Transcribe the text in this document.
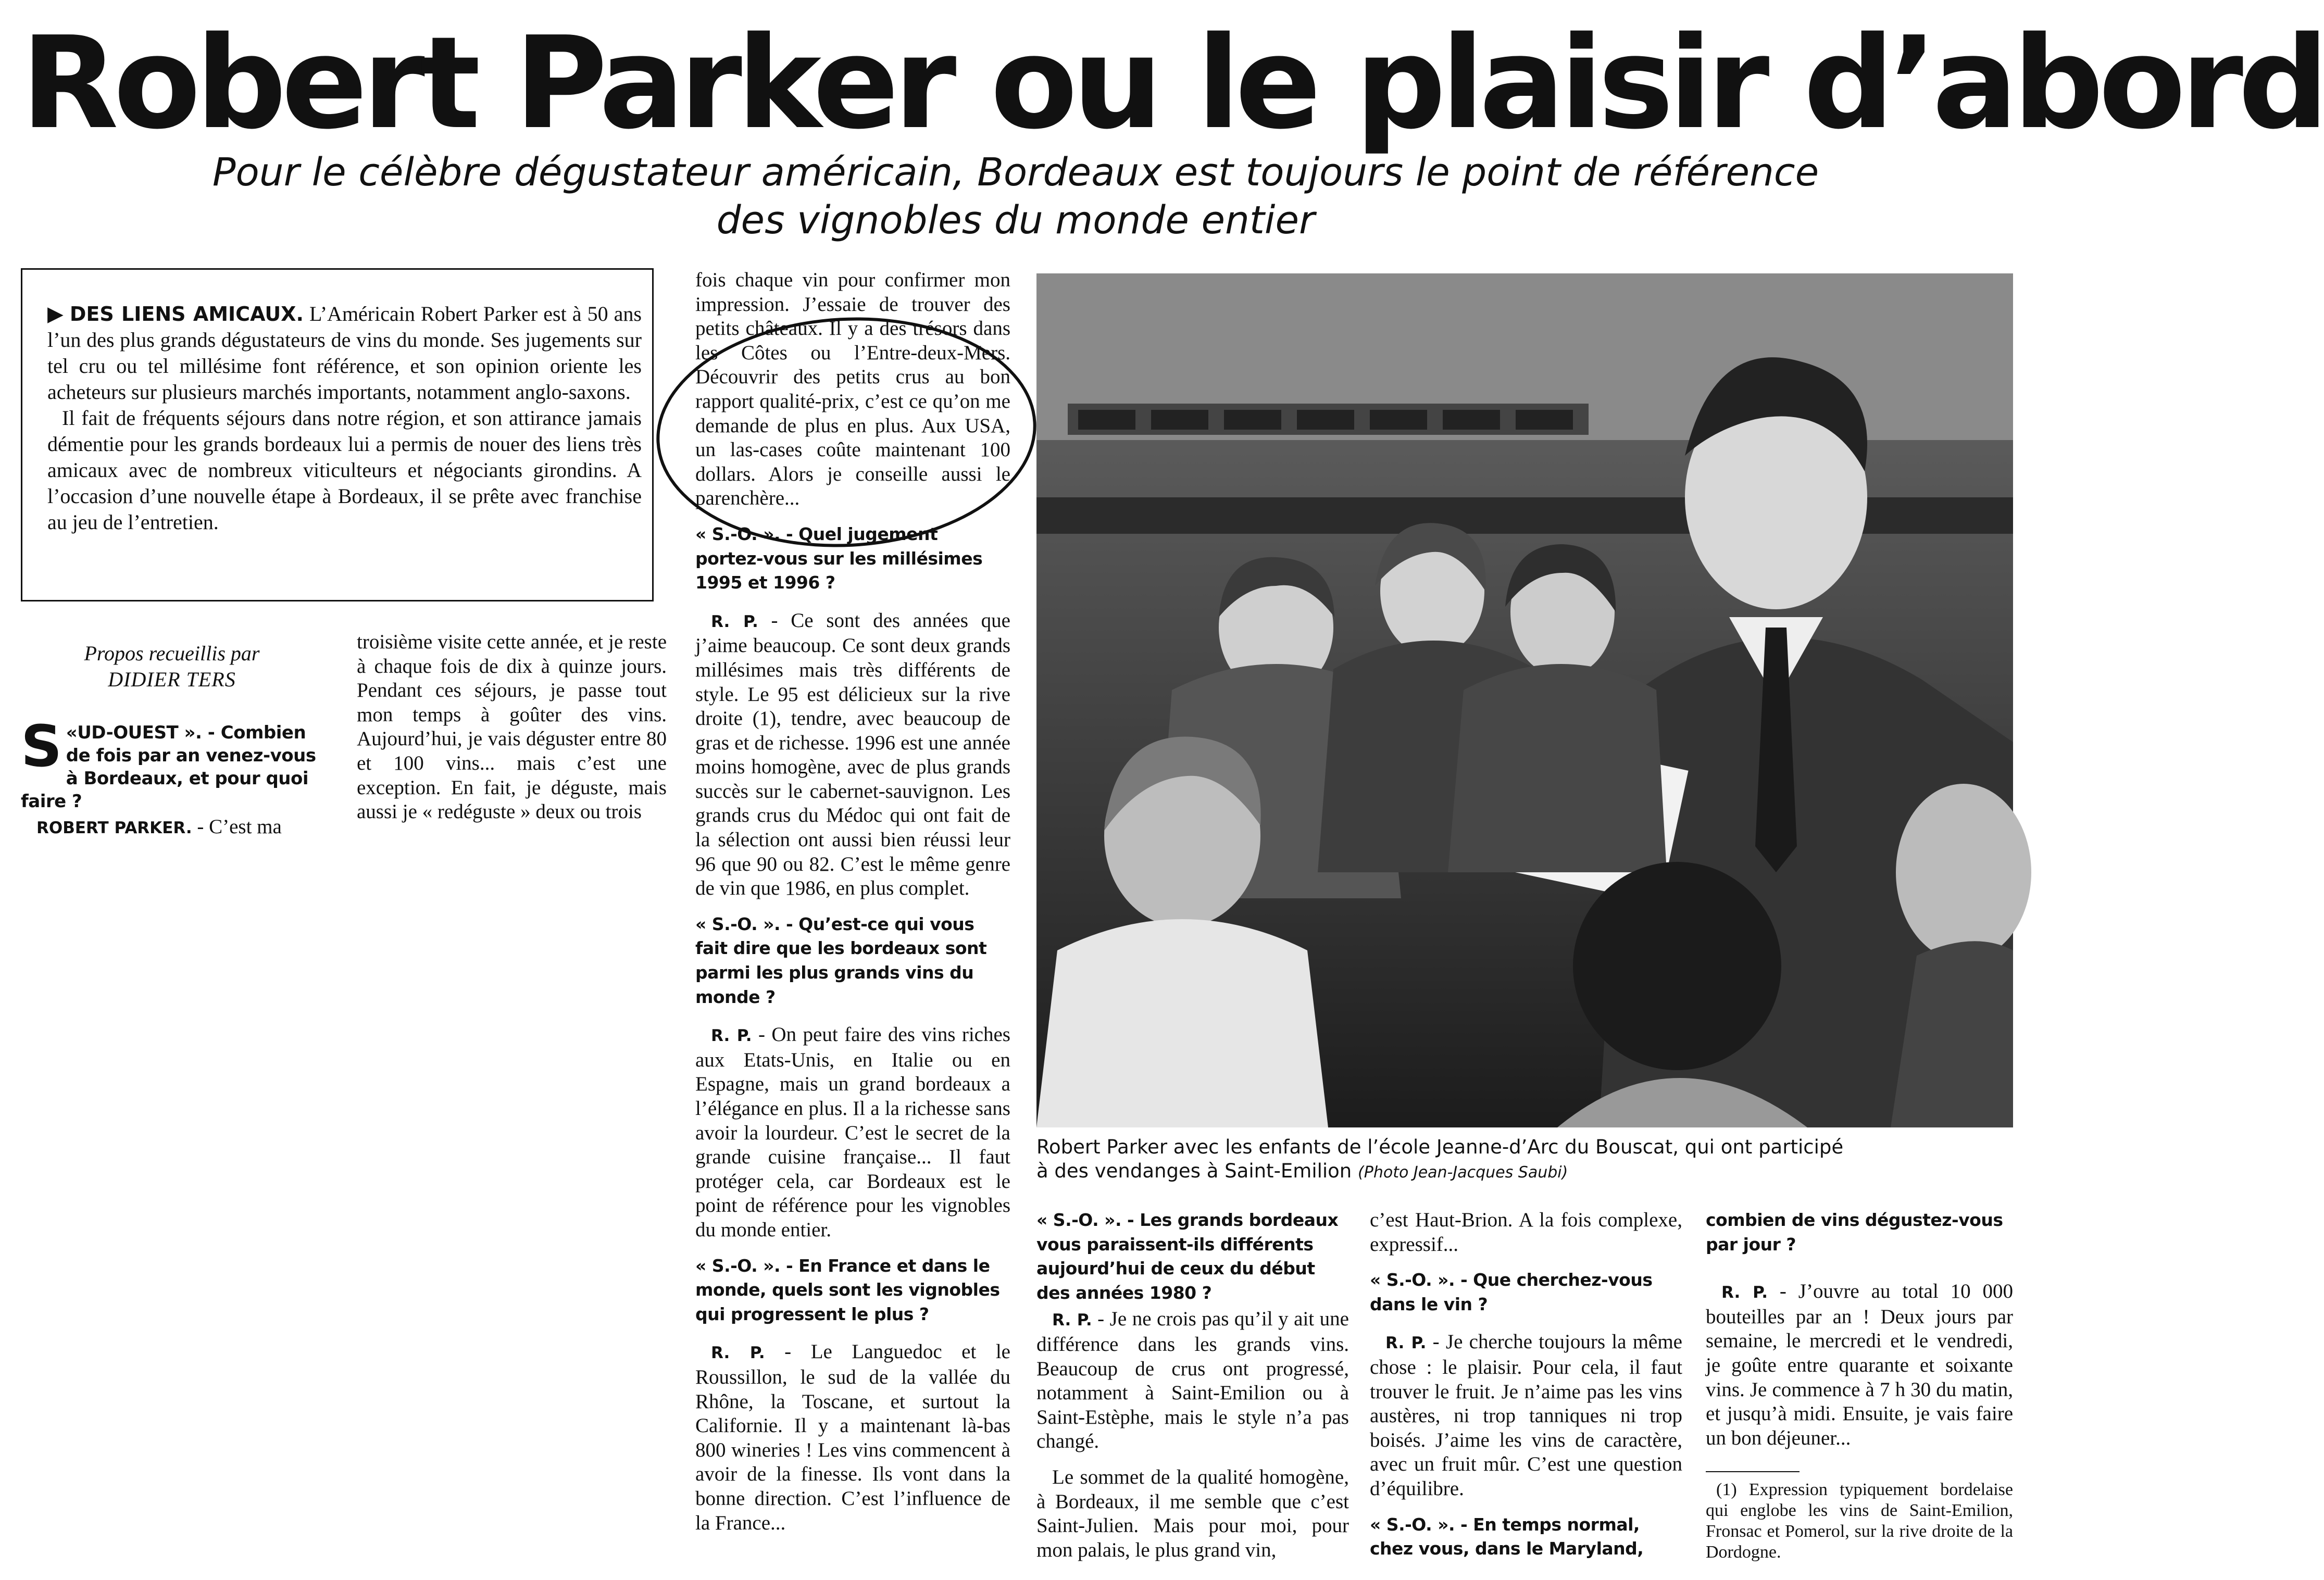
Robert Parker ou le plaisir d’abord
Pour le célèbre dégustateur américain, Bordeaux est toujours le point de référence
des vignobles du monde entier

▶ DES LIENS AMICAUX. L’Américain Robert Parker est à 50 ans l’un des plus grands dégustateurs de vins du monde. Ses jugements sur tel cru ou tel millésime font référence, et son opinion oriente les acheteurs sur plusieurs marchés importants, notamment anglo-saxons.

Il fait de fréquents séjours dans notre région, et son attirance jamais démentie pour les grands bordeaux lui a permis de nouer des liens très amicaux avec de nombreux viticulteurs et négociants girondins. A l’occasion d’une nouvelle étape à Bordeaux, il se prête avec franchise au jeu de l’entretien.

Propos recueillis par
DIDIER TERS

«
S UD-OUEST ». - Combien de fois par an venez-vous à Bordeaux, et pour quoi faire ?

ROBERT PARKER. - C’est ma

troisième visite cette année, et je reste à chaque fois de dix à quinze jours. Pendant ces séjours, je passe tout mon temps à goûter des vins. Aujourd’hui, je vais déguster entre 80 et 100 vins... mais c’est une exception. En fait, je déguste, mais aussi je « redéguste » deux ou trois

fois chaque vin pour confirmer mon impression. J’essaie de trouver des petits châteaux. Il y a des trésors dans les Côtes ou l’Entre-deux-Mers. Découvrir des petits crus au bon rapport qualité-prix, c’est ce qu’on me demande de plus en plus. Aux USA, un las-cases coûte maintenant 100 dollars. Alors je conseille aussi le parenchère...

« S.-O. ». - Quel jugement portez-vous sur les millésimes 1995 et 1996 ?

R. P. - Ce sont des années que j’aime beaucoup. Ce sont deux grands millésimes mais très différents de style. Le 95 est délicieux sur la rive droite (1), tendre, avec beaucoup de gras et de richesse. 1996 est une année moins homogène, avec de plus grands succès sur le cabernet-sauvignon. Les grands crus du Médoc qui ont fait de la sélection ont aussi bien réussi leur 96 que 90 ou 82. C’est le même genre de vin que 1986, en plus complet.

« S.-O. ». - Qu’est-ce qui vous fait dire que les bordeaux sont parmi les plus grands vins du monde ?

R. P. - On peut faire des vins riches aux Etats-Unis, en Italie ou en Espagne, mais un grand bordeaux a l’élégance en plus. Il a la richesse sans avoir la lourdeur. C’est le secret de la grande cuisine française... Il faut protéger cela, car Bordeaux est le point de référence pour les vignobles du monde entier.

« S.-O. ». - En France et dans le monde, quels sont les vignobles qui progressent le plus ?

R. P. - Le Languedoc et le Roussillon, le sud de la vallée du Rhône, la Toscane, et surtout la Californie. Il y a maintenant là-bas 800 wineries ! Les vins commencent à avoir de la finesse. Ils vont dans la bonne direction. C’est l’influence de la France...

Robert Parker avec les enfants de l’école Jeanne-d’Arc du Bouscat, qui ont participé
à des vendanges à Saint-Emilion (Photo Jean-Jacques Saubi)

« S.-O. ». - Les grands bordeaux vous paraissent-ils différents aujourd’hui de ceux du début des années 1980 ?

R. P. - Je ne crois pas qu’il y ait une différence dans les grands vins. Beaucoup de crus ont progressé, notamment à Saint-Emilion ou à Saint-Estèphe, mais le style n’a pas changé.

Le sommet de la qualité homogène, à Bordeaux, il me semble que c’est Saint-Julien. Mais pour moi, pour mon palais, le plus grand vin,

c’est Haut-Brion. A la fois complexe, expressif...

« S.-O. ». - Que cherchez-vous dans le vin ?

R. P. - Je cherche toujours la même chose : le plaisir. Pour cela, il faut trouver le fruit. Je n’aime pas les vins austères, ni trop tanniques ni trop boisés. J’aime les vins de caractère, avec un fruit mûr. C’est une question d’équilibre.

« S.-O. ». - En temps normal, chez vous, dans le Maryland,

combien de vins dégustez-vous par jour ?

R. P. - J’ouvre au total 10 000 bouteilles par an ! Deux jours par semaine, le mercredi et le vendredi, je goûte entre quarante et soixante vins. Je commence à 7 h 30 du matin, et jusqu’à midi. Ensuite, je vais faire un bon déjeuner...

(1) Expression typiquement bordelaise qui englobe les vins de Saint-Emilion, Fronsac et Pomerol, sur la rive droite de la Dordogne.
